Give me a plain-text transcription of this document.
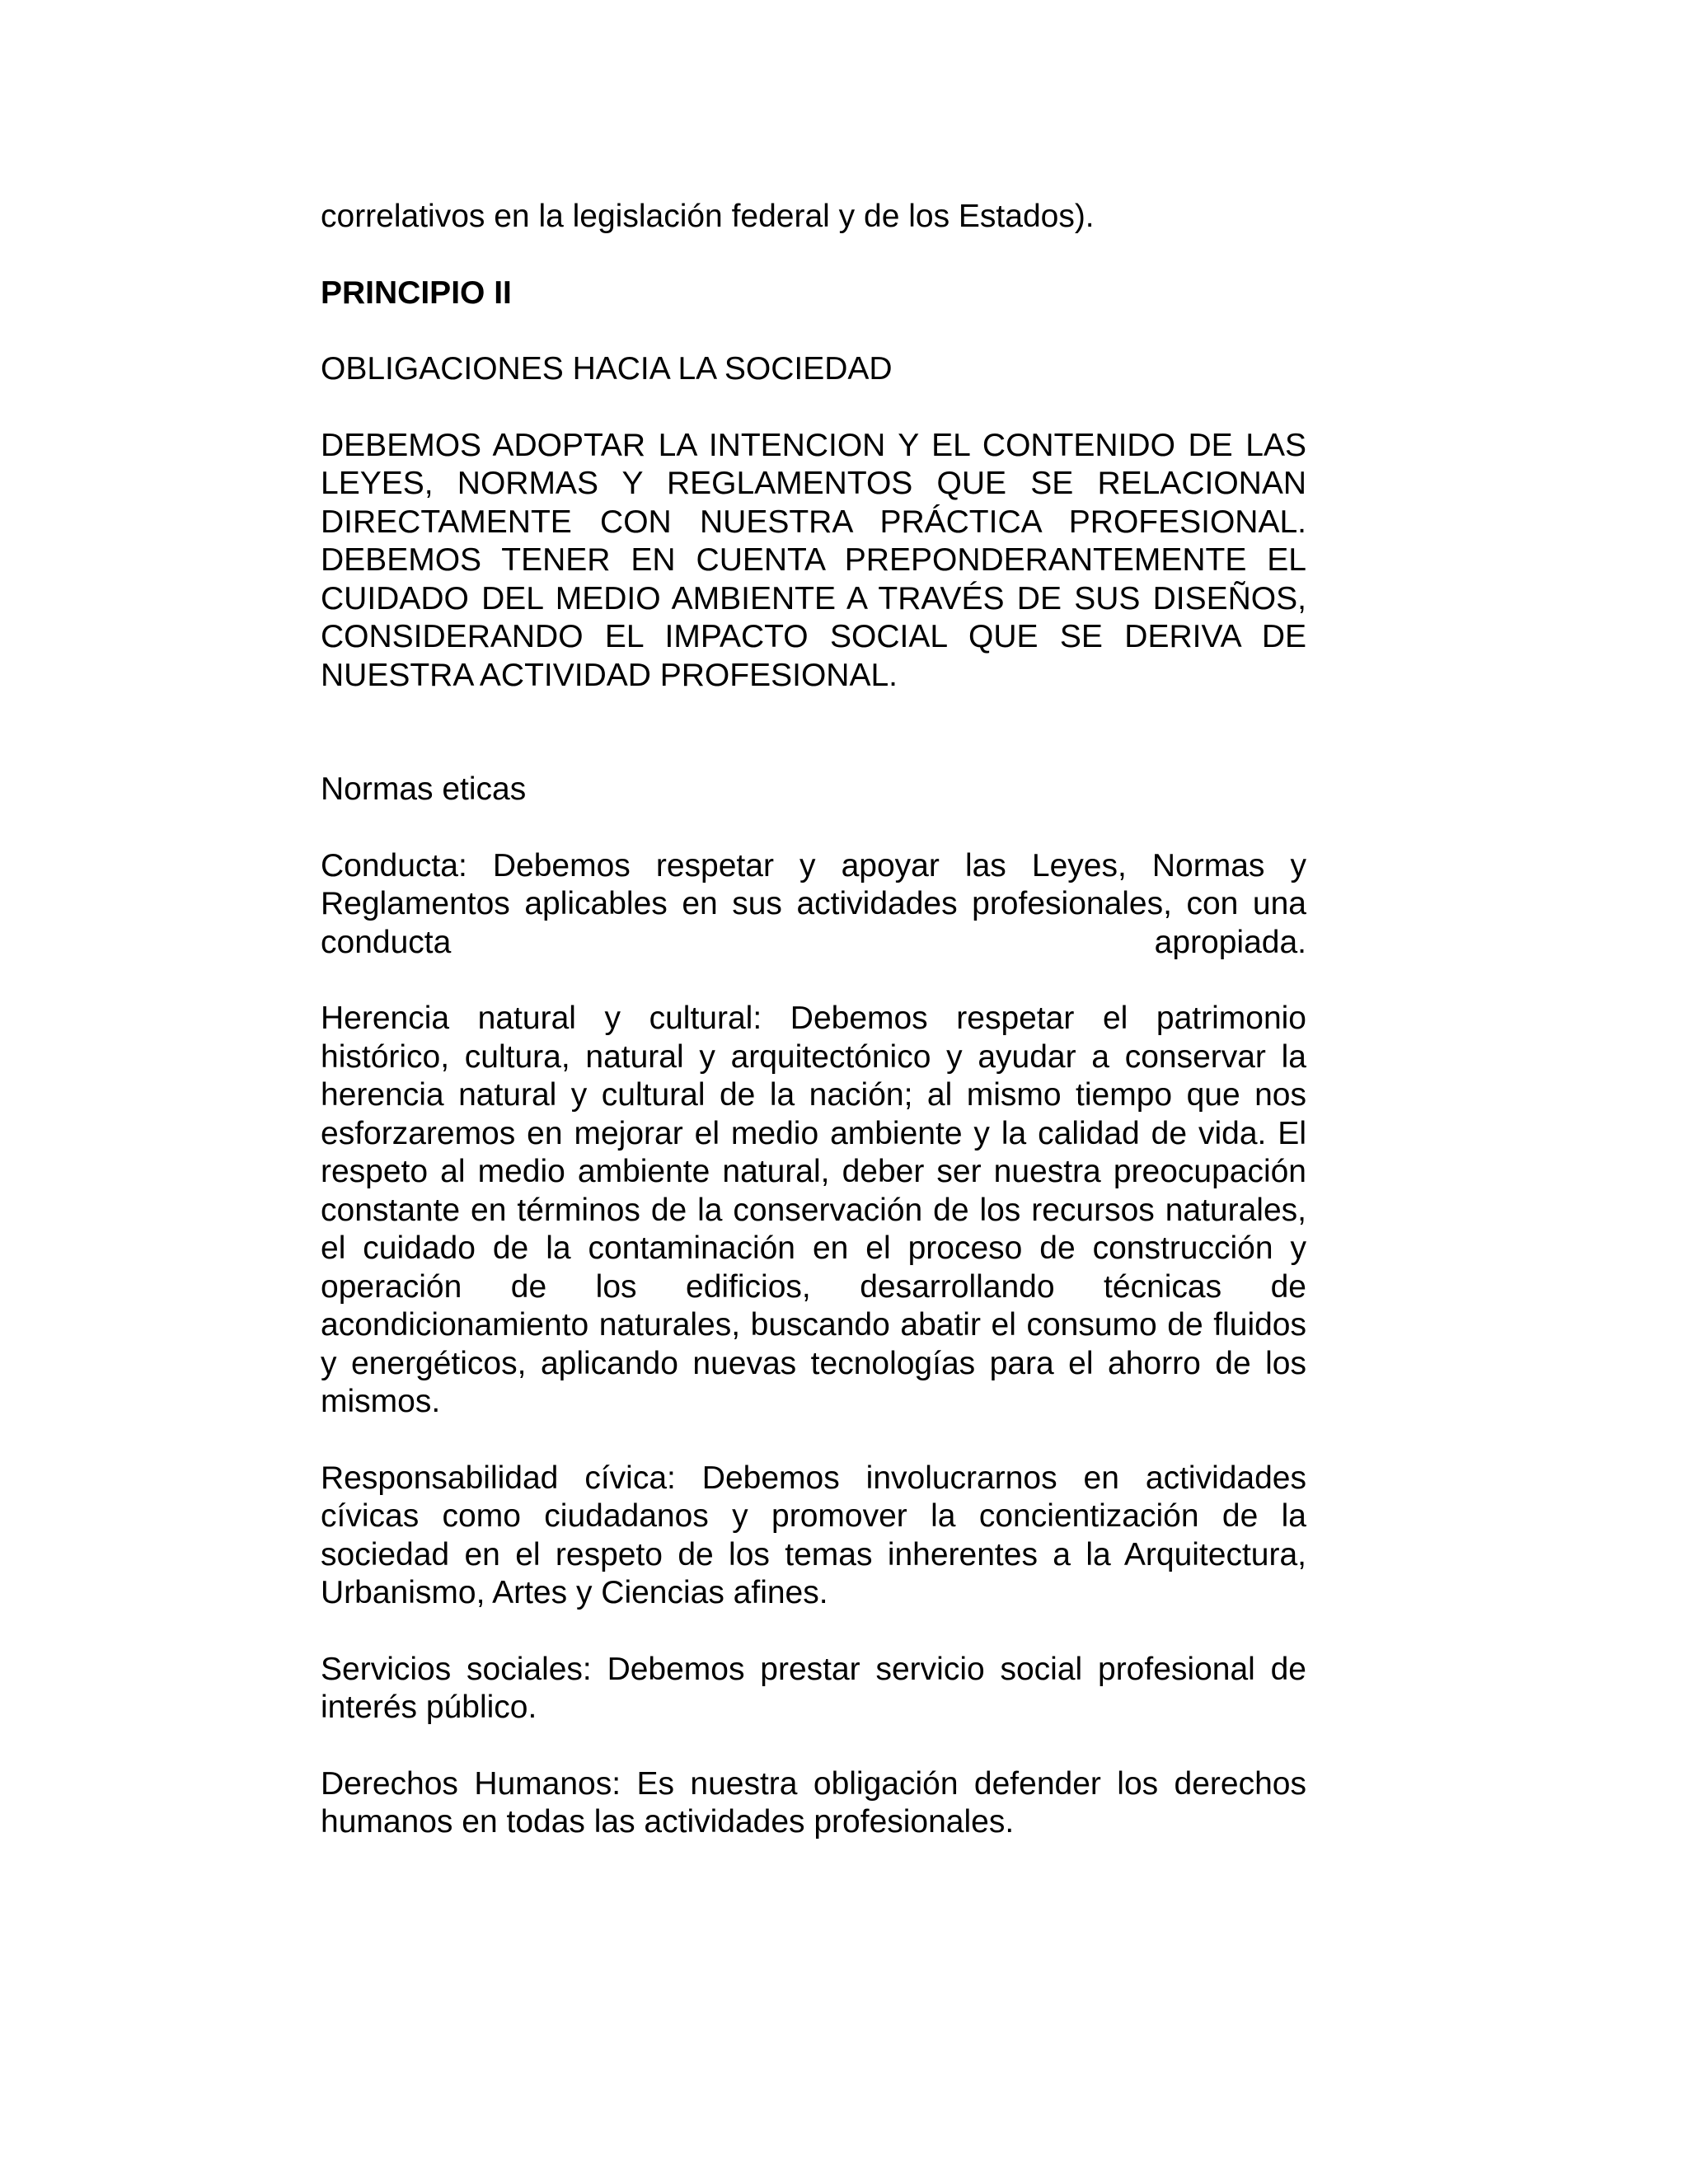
correlativos en la legislación federal y de los Estados).

PRINCIPIO II

OBLIGACIONES HACIA LA SOCIEDAD

DEBEMOS ADOPTAR LA INTENCION Y EL CONTENIDO DE LAS LEYES, NORMAS Y REGLAMENTOS QUE SE RELACIONAN DIRECTAMENTE CON NUESTRA PRÁCTICA PROFESIONAL. DEBEMOS TENER EN CUENTA PREPONDERANTEMENTE EL CUIDADO DEL MEDIO AMBIENTE A TRAVÉS DE SUS DISEÑOS, CONSIDERANDO EL IMPACTO SOCIAL QUE SE DERIVA DE NUESTRA ACTIVIDAD PROFESIONAL.

Normas eticas

Conducta: Debemos respetar y apoyar las Leyes, Normas y Reglamentos aplicables en sus actividades profesionales, con una conducta apropiada.

Herencia natural y cultural: Debemos respetar el patrimonio histórico, cultura, natural y arquitectónico y ayudar a conservar la herencia natural y cultural de la nación; al mismo tiempo que nos esforzaremos en mejorar el medio ambiente y la calidad de vida. El respeto al medio ambiente natural, deber ser nuestra preocupación constante en términos de la conservación de los recursos naturales, el cuidado de la contaminación en el proceso de construcción y operación de los edificios, desarrollando técnicas de acondicionamiento naturales, buscando abatir el consumo de fluidos y energéticos, aplicando nuevas tecnologías para el ahorro de los mismos.

Responsabilidad cívica: Debemos involucrarnos en actividades cívicas como ciudadanos y promover la concientización de la sociedad en el respeto de los temas inherentes a la Arquitectura, Urbanismo, Artes y Ciencias afines.

Servicios sociales: Debemos prestar servicio social profesional de interés público.

Derechos Humanos: Es nuestra obligación defender los derechos humanos en todas las actividades profesionales.
